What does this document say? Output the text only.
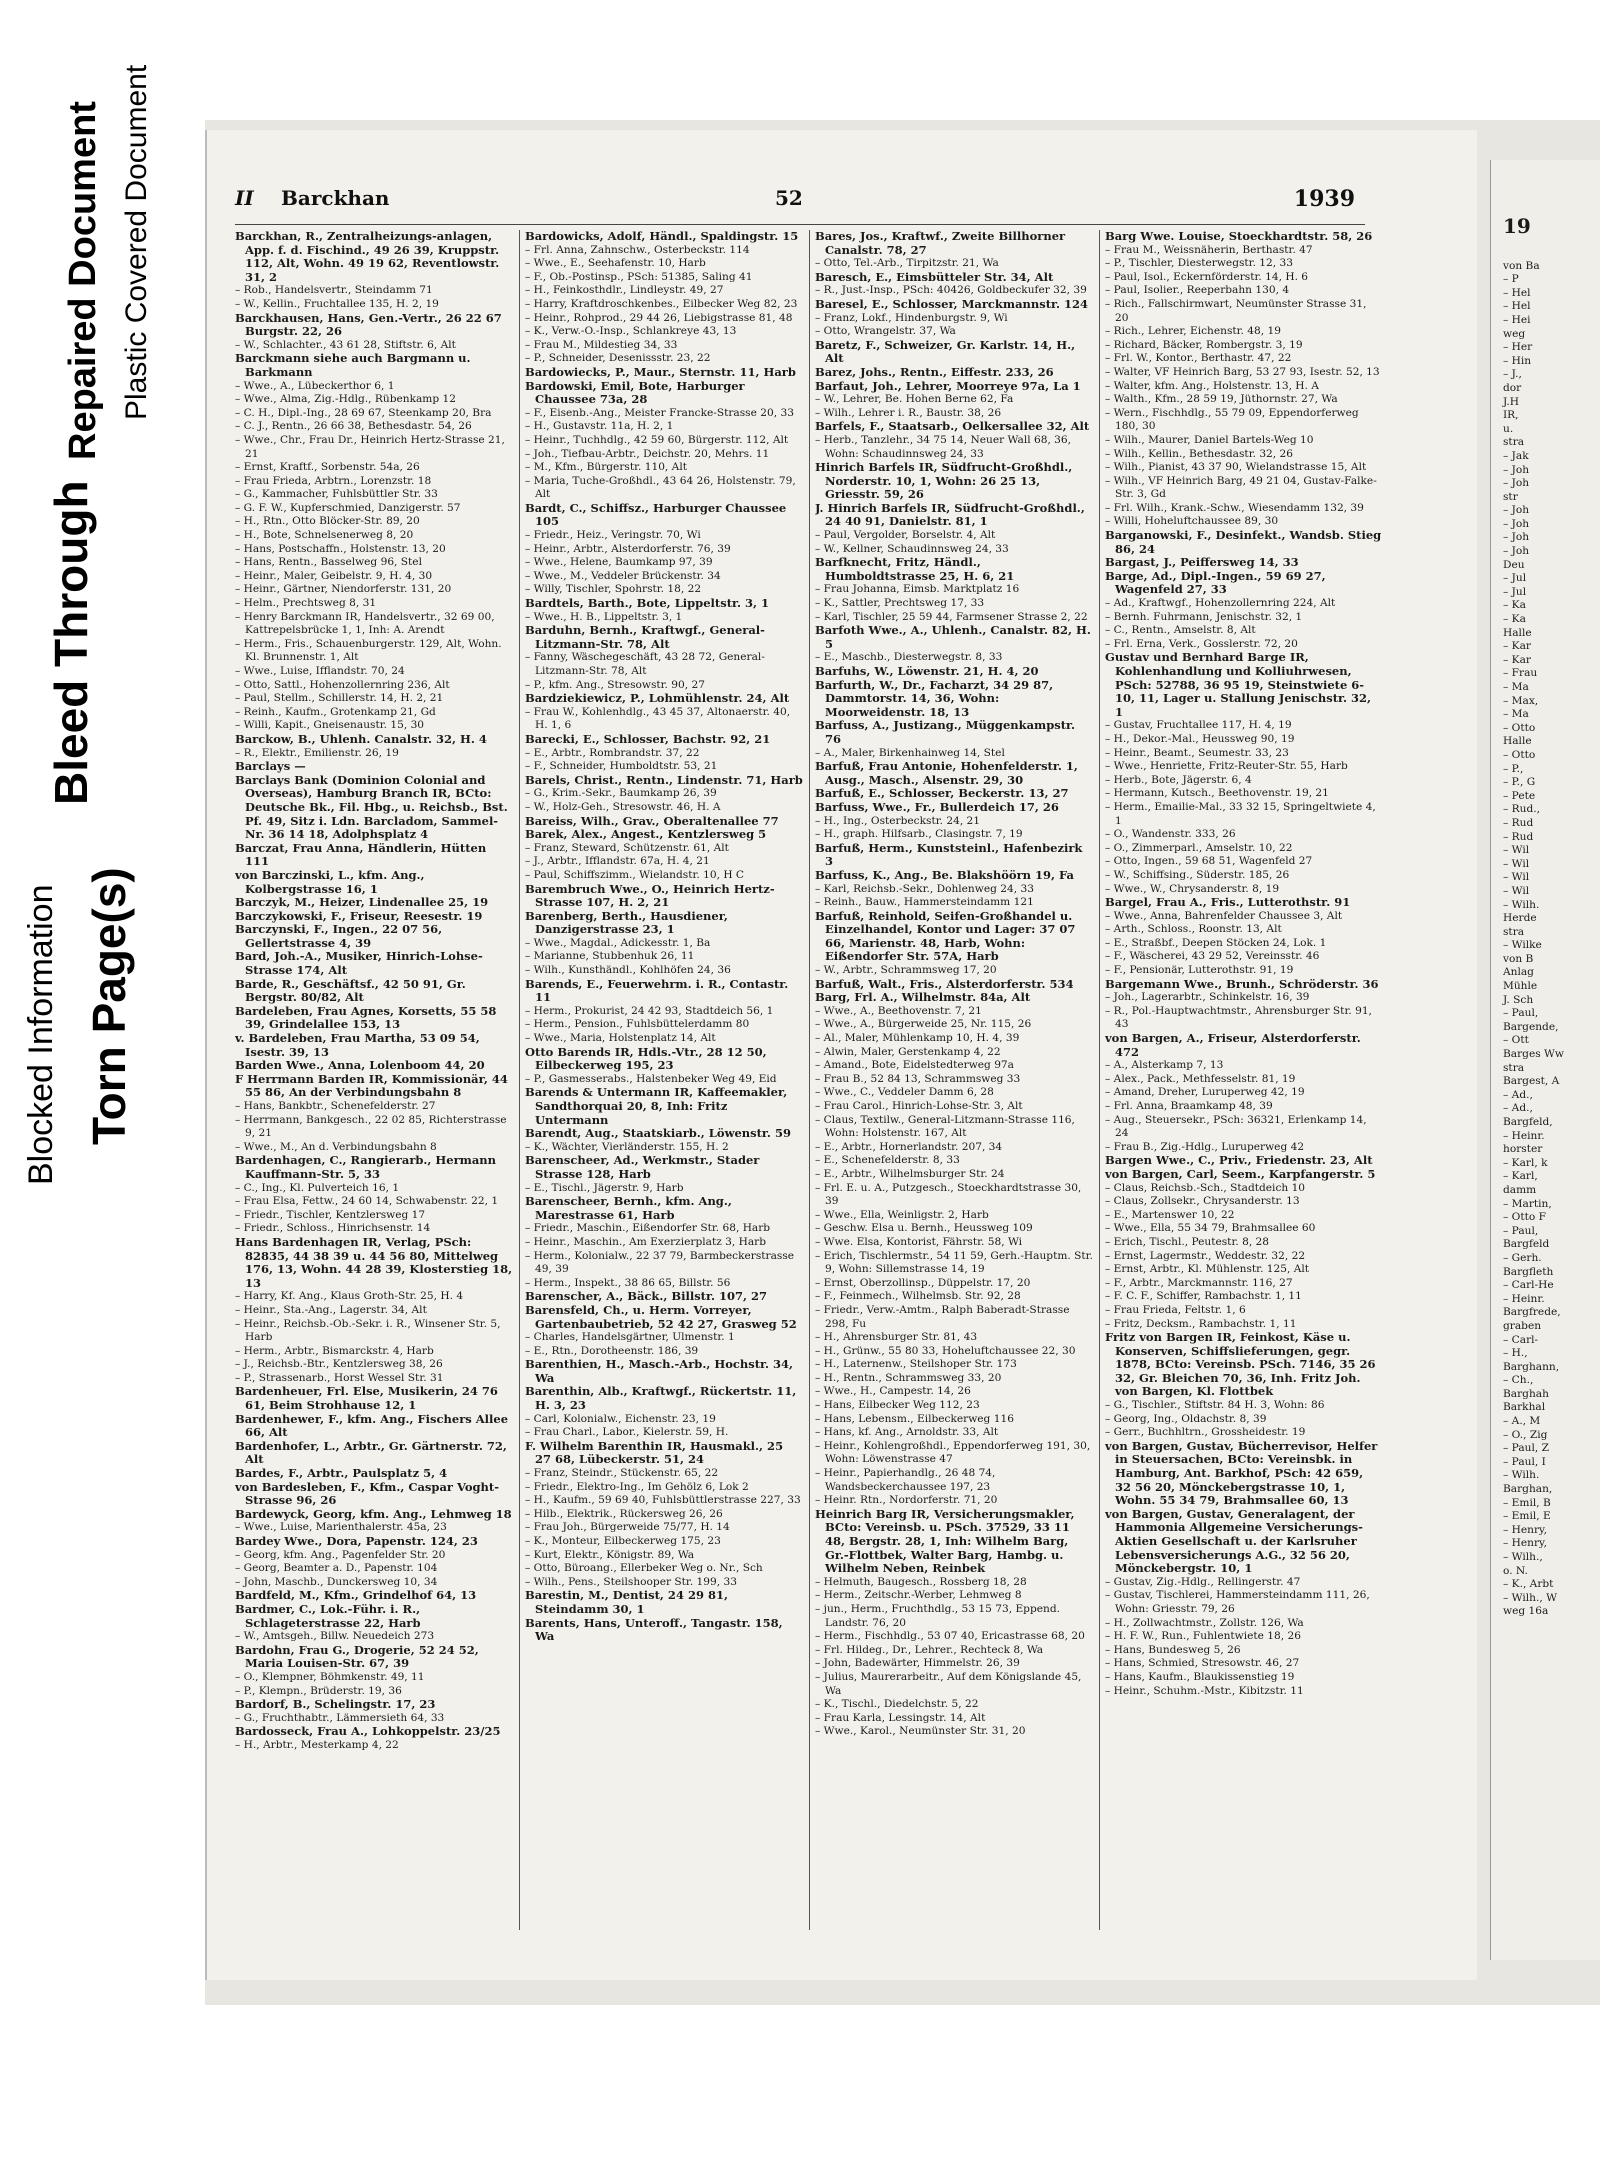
Blocked Information Torn Page(s)
Bleed Through
Repaired Document Plastic Covered Document	II Barckhan	52	1939

Barckhan, R., Zentralheizungs-anlagen, App. f. d. Fischind., 49 26 39, Kruppstr. 112, Alt, Wohn. 49 19 62, Reventlowstr. 31, 2

– Rob., Handelsvertr., Steindamm 71

– W., Kellin., Fruchtallee 135, H. 2, 19

Barckhausen, Hans, Gen.-Vertr., 26 22 67 Burgstr. 22, 26

– W., Schlachter., 43 61 28, Stiftstr. 6, Alt

Barckmann siehe auch Bargmann u. Barkmann

– Wwe., A., Lübeckerthor 6, 1

– Wwe., Alma, Zig.-Hdlg., Rübenkamp 12

– C. H., Dipl.-Ing., 28 69 67, Steenkamp 20, Bra

– C. J., Rentn., 26 66 38, Bethesdastr. 54, 26

– Wwe., Chr., Frau Dr., Heinrich Hertz-Strasse 21, 21

– Ernst, Kraftf., Sorbenstr. 54a, 26

– Frau Frieda, Arbtrn., Lorenzstr. 18

– G., Kammacher, Fuhlsbüttler Str. 33

– G. F. W., Kupferschmied, Danzigerstr. 57

– H., Rtn., Otto Blöcker-Str. 89, 20

– H., Bote, Schnelsenerweg 8, 20

– Hans, Postschaffn., Holstenstr. 13, 20

– Hans, Rentn., Basselweg 96, Stel

– Heinr., Maler, Geibelstr. 9, H. 4, 30

– Heinr., Gärtner, Niendorferstr. 131, 20

– Helm., Prechtsweg 8, 31

– Henry Barckmann IR, Handelsvertr., 32 69 00, Kattrepelsbrücke 1, 1, Inh: A. Arendt

– Herm., Fris., Schauenburgerstr. 129, Alt, Wohn. Kl. Brunnenstr. 1, Alt

– Wwe., Luise, Ifflandstr. 70, 24

– Otto, Sattl., Hohenzollernring 236, Alt

– Paul, Stellm., Schillerstr. 14, H. 2, 21

– Reinh., Kaufm., Grotenkamp 21, Gd

– Willi, Kapit., Gneisenaustr. 15, 30

Barckow, B., Uhlenh. Canalstr. 32, H. 4

– R., Elektr., Emilienstr. 26, 19

Barclays —

Barclays Bank (Dominion Colonial and Overseas), Hamburg Branch IR, BCto: Deutsche Bk., Fil. Hbg., u. Reichsb., Bst. Pf. 49, Sitz i. Ldn. Barcladom, Sammel-Nr. 36 14 18, Adolphsplatz 4

Barczat, Frau Anna, Händlerin, Hütten 111

von Barczinski, L., kfm. Ang., Kolbergstrasse 16, 1

Barczyk, M., Heizer, Lindenallee 25, 19

Barczykowski, F., Friseur, Reesestr. 19

Barczynski, F., Ingen., 22 07 56, Gellertstrasse 4, 39

Bard, Joh.-A., Musiker, Hinrich-Lohse-Strasse 174, Alt

Barde, R., Geschäftsf., 42 50 91, Gr. Bergstr. 80/82, Alt

Bardeleben, Frau Agnes, Korsetts, 55 58 39, Grindelallee 153, 13

v. Bardeleben, Frau Martha, 53 09 54, Isestr. 39, 13

Barden Wwe., Anna, Lolenboom 44, 20

F Herrmann Barden IR, Kommissionär, 44 55 86, An der Verbindungsbahn 8

– Hans, Bankbtr., Schenefelderstr. 27

– Herrmann, Bankgesch., 22 02 85, Richterstrasse 9, 21

– Wwe., M., An d. Verbindungsbahn 8

Bardenhagen, C., Rangierarb., Hermann Kauffmann-Str. 5, 33

– C., Ing., Kl. Pulverteich 16, 1

– Frau Elsa, Fettw., 24 60 14, Schwabenstr. 22, 1

– Friedr., Tischler, Kentzlersweg 17

– Friedr., Schloss., Hinrichsenstr. 14

Hans Bardenhagen IR, Verlag, PSch: 82835, 44 38 39 u. 44 56 80, Mittelweg 176, 13, Wohn. 44 28 39, Klosterstieg 18, 13

– Harry, Kf. Ang., Klaus Groth-Str. 25, H. 4

– Heinr., Sta.-Ang., Lagerstr. 34, Alt

– Heinr., Reichsb.-Ob.-Sekr. i. R., Winsener Str. 5, Harb

– Herm., Arbtr., Bismarckstr. 4, Harb

– J., Reichsb.-Btr., Kentzlersweg 38, 26

– P., Strassenarb., Horst Wessel Str. 31

Bardenheuer, Frl. Else, Musikerin, 24 76 61, Beim Strohhause 12, 1

Bardenhewer, F., kfm. Ang., Fischers Allee 66, Alt

Bardenhofer, L., Arbtr., Gr. Gärtnerstr. 72, Alt

Bardes, F., Arbtr., Paulsplatz 5, 4

von Bardesleben, F., Kfm., Caspar Voght-Strasse 96, 26

Bardewyck, Georg, kfm. Ang., Lehmweg 18

– Wwe., Luise, Marienthalerstr. 45a, 23

Bardey Wwe., Dora, Papenstr. 124, 23

– Georg, kfm. Ang., Pagenfelder Str. 20

– Georg, Beamter a. D., Papenstr. 104

– John, Maschb., Dunckersweg 10, 34

Bardfeld, M., Kfm., Grindelhof 64, 13

Bardmer, C., Lok.-Führ. i. R., Schlageterstrasse 22, Harb

– W., Amtsgeh., Billw. Neuedeich 273

Bardohn, Frau G., Drogerie, 52 24 52, Maria Louisen-Str. 67, 39

– O., Klempner, Böhmkenstr. 49, 11

– P., Klempn., Brüderstr. 19, 36

Bardorf, B., Schelingstr. 17, 23

– G., Fruchthabtr., Lämmersieth 64, 33

Bardosseck, Frau A., Lohkoppelstr. 23/25

– H., Arbtr., Mesterkamp 4, 22

Bardowicks, Adolf, Händl., Spaldingstr. 15

– Frl. Anna, Zahnschw., Osterbeckstr. 114

– Wwe., E., Seehafenstr. 10, Harb

– F., Ob.-Postinsp., PSch: 51385, Saling 41

– H., Feinkosthdlr., Lindleystr. 49, 27

– Harry, Kraftdroschkenbes., Eilbecker Weg 82, 23

– Heinr., Rohprod., 29 44 26, Liebigstrasse 81, 48

– K., Verw.-O.-Insp., Schlankreye 43, 13

– Frau M., Mildestieg 34, 33

– P., Schneider, Desenissstr. 23, 22

Bardowiecks, P., Maur., Sternstr. 11, Harb

Bardowski, Emil, Bote, Harburger Chaussee 73a, 28

– F., Eisenb.-Ang., Meister Francke-Strasse 20, 33

– H., Gustavstr. 11a, H. 2, 1

– Heinr., Tuchhdlg., 42 59 60, Bürgerstr. 112, Alt

– Joh., Tiefbau-Arbtr., Deichstr. 20, Mehrs. 11

– M., Kfm., Bürgerstr. 110, Alt

– Maria, Tuche-Großhdl., 43 64 26, Holstenstr. 79, Alt

Bardt, C., Schiffsz., Harburger Chaussee 105

– Friedr., Heiz., Veringstr. 70, Wi

– Heinr., Arbtr., Alsterdorferstr. 76, 39

– Wwe., Helene, Baumkamp 97, 39

– Wwe., M., Veddeler Brückenstr. 34

– Willy, Tischler, Spohrstr. 18, 22

Bardtels, Barth., Bote, Lippeltstr. 3, 1

– Wwe., H. B., Lippeltstr. 3, 1

Barduhn, Bernh., Kraftwgf., General-Litzmann-Str. 78, Alt

– Fanny, Wäschegeschäft, 43 28 72, General-Litzmann-Str. 78, Alt

– P., kfm. Ang., Stresowstr. 90, 27

Bardziekiewicz, P., Lohmühlenstr. 24, Alt

– Frau W., Kohlenhdlg., 43 45 37, Altonaerstr. 40, H. 1, 6

Barecki, E., Schlosser, Bachstr. 92, 21

– E., Arbtr., Rombrandstr. 37, 22

– F., Schneider, Humboldtstr. 53, 21

Barels, Christ., Rentn., Lindenstr. 71, Harb

– G., Krim.-Sekr., Baumkamp 26, 39

– W., Holz-Geh., Stresowstr. 46, H. A

Bareiss, Wilh., Grav., Oberaltenallee 77

Barek, Alex., Angest., Kentzlersweg 5

– Franz, Steward, Schützenstr. 61, Alt

– J., Arbtr., Ifflandstr. 67a, H. 4, 21

– Paul, Schiffszimm., Wielandstr. 10, H C

Barembruch Wwe., O., Heinrich Hertz-Strasse 107, H. 2, 21

Barenberg, Berth., Hausdiener, Danzigerstrasse 23, 1

– Wwe., Magdal., Adickesstr. 1, Ba

– Marianne, Stubbenhuk 26, 11

– Wilh., Kunsthändl., Kohlhöfen 24, 36

Barends, E., Feuerwehrm. i. R., Contastr. 11

– Herm., Prokurist, 24 42 93, Stadtdeich 56, 1

– Herm., Pension., Fuhlsbüttelerdamm 80

– Wwe., Maria, Holstenplatz 14, Alt

Otto Barends IR, Hdls.-Vtr., 28 12 50, Eilbeckerweg 195, 23

– P., Gasmesserabs., Halstenbeker Weg 49, Eid

Barends & Untermann IR, Kaffeemakler, Sandthorquai 20, 8, Inh: Fritz Untermann

Barendt, Aug., Staatskiarb., Löwenstr. 59

– K., Wächter, Vierländerstr. 155, H. 2

Barenscheer, Ad., Werkmstr., Stader Strasse 128, Harb

– E., Tischl., Jägerstr. 9, Harb

Barenscheer, Bernh., kfm. Ang., Marestrasse 61, Harb

– Friedr., Maschin., Eißendorfer Str. 68, Harb

– Heinr., Maschin., Am Exerzierplatz 3, Harb

– Herm., Kolonialw., 22 37 79, Barmbeckerstrasse 49, 39

– Herm., Inspekt., 38 86 65, Billstr. 56

Barenscher, A., Bäck., Billstr. 107, 27

Barensfeld, Ch., u. Herm. Vorreyer, Gartenbaubetrieb, 52 42 27, Grasweg 52

– Charles, Handelsgärtner, Ulmenstr. 1

– E., Rtn., Dorotheenstr. 186, 39

Barenthien, H., Masch.-Arb., Hochstr. 34, Wa

Barenthin, Alb., Kraftwgf., Rückertstr. 11, H. 3, 23

– Carl, Kolonialw., Eichenstr. 23, 19

– Frau Charl., Labor., Kielerstr. 59, H.

F. Wilhelm Barenthin IR, Hausmakl., 25 27 68, Lübeckerstr. 51, 24

– Franz, Steindr., Stückenstr. 65, 22

– Friedr., Elektro-Ing., Im Gehölz 6, Lok 2

– H., Kaufm., 59 69 40, Fuhlsbüttlerstrasse 227, 33

– Hilb., Elektrik., Rückersweg 26, 26

– Frau Joh., Bürgerweide 75/77, H. 14

– K., Monteur, Eilbeckerweg 175, 23

– Kurt, Elektr., Königstr. 89, Wa

– Otto, Büroang., Ellerbeker Weg o. Nr., Sch

– Wilh., Pens., Steilshooper Str. 199, 33

Barestin, M., Dentist, 24 29 81, Steindamm 30, 1

Barents, Hans, Unteroff., Tangastr. 158, Wa

Bares, Jos., Kraftwf., Zweite Billhorner Canalstr. 78, 27

– Otto, Tel.-Arb., Tirpitzstr. 21, Wa

Baresch, E., Eimsbütteler Str. 34, Alt

– R., Just.-Insp., PSch: 40426, Goldbeckufer 32, 39

Baresel, E., Schlosser, Marckmannstr. 124

– Franz, Lokf., Hindenburgstr. 9, Wi

– Otto, Wrangelstr. 37, Wa

Baretz, F., Schweizer, Gr. Karlstr. 14, H., Alt

Barez, Johs., Rentn., Eiffestr. 233, 26

Barfaut, Joh., Lehrer, Moorreye 97a, La 1

– W., Lehrer, Be. Hohen Berne 62, Fa

– Wilh., Lehrer i. R., Baustr. 38, 26

Barfels, F., Staatsarb., Oelkersallee 32, Alt

– Herb., Tanzlehr., 34 75 14, Neuer Wall 68, 36, Wohn: Schaudinnsweg 24, 33

Hinrich Barfels IR, Südfrucht-Großhdl., Norderstr. 10, 1, Wohn: 26 25 13, Griesstr. 59, 26

J. Hinrich Barfels IR, Südfrucht-Großhdl., 24 40 91, Danielstr. 81, 1

– Paul, Vergolder, Borselstr. 4, Alt

– W., Kellner, Schaudinnsweg 24, 33

Barfknecht, Fritz, Händl., Humboldtstrasse 25, H. 6, 21

– Frau Johanna, Eimsb. Marktplatz 16

– K., Sattler, Prechtsweg 17, 33

– Karl, Tischler, 25 59 44, Farmsener Strasse 2, 22

Barfoth Wwe., A., Uhlenh., Canalstr. 82, H. 5

– E., Maschb., Diesterwegstr. 8, 33

Barfuhs, W., Löwenstr. 21, H. 4, 20

Barfurth, W., Dr., Facharzt, 34 29 87, Dammtorstr. 14, 36, Wohn: Moorweidenstr. 18, 13

Barfuss, A., Justizang., Müggenkampstr. 76

– A., Maler, Birkenhainweg 14, Stel

Barfuß, Frau Antonie, Hohenfelderstr. 1, Ausg., Masch., Alsenstr. 29, 30

Barfuß, E., Schlosser, Beckerstr. 13, 27

Barfuss, Wwe., Fr., Bullerdeich 17, 26

– H., Ing., Osterbeckstr. 24, 21

– H., graph. Hilfsarb., Clasingstr. 7, 19

Barfuß, Herm., Kunststeinl., Hafenbezirk 3

Barfuss, K., Ang., Be. Blakshöörn 19, Fa

– Karl, Reichsb.-Sekr., Dohlenweg 24, 33

– Reinh., Bauw., Hammersteindamm 121

Barfuß, Reinhold, Seifen-Großhandel u. Einzelhandel, Kontor und Lager: 37 07 66, Marienstr. 48, Harb, Wohn: Eißendorfer Str. 57A, Harb

– W., Arbtr., Schrammsweg 17, 20

Barfuß, Walt., Fris., Alsterdorferstr. 534

Barg, Frl. A., Wilhelmstr. 84a, Alt

– Wwe., A., Beethovenstr. 7, 21

– Wwe., A., Bürgerweide 25, Nr. 115, 26

– Al., Maler, Mühlenkamp 10, H. 4, 39

– Alwin, Maler, Gerstenkamp 4, 22

– Amand., Bote, Eidelstedterweg 97a

– Frau B., 52 84 13, Schrammsweg 33

– Wwe., C., Veddeler Damm 6, 28

– Frau Carol., Hinrich-Lohse-Str. 3, Alt

– Claus, Textilw., General-Litzmann-Strasse 116, Wohn: Holstenstr. 167, Alt

– E., Arbtr., Hornerlandstr. 207, 34

– E., Schenefelderstr. 8, 33

– E., Arbtr., Wilhelmsburger Str. 24

– Frl. E. u. A., Putzgesch., Stoeckhardtstrasse 30, 39

– Wwe., Ella, Weinligstr. 2, Harb

– Geschw. Elsa u. Bernh., Heussweg 109

– Wwe. Elsa, Kontorist, Fährstr. 58, Wi

– Erich, Tischlermstr., 54 11 59, Gerh.-Hauptm. Str. 9, Wohn: Sillemstrasse 14, 19

– Ernst, Oberzollinsp., Düppelstr. 17, 20

– F., Feinmech., Wilhelmsb. Str. 92, 28

– Friedr., Verw.-Amtm., Ralph Baberadt-Strasse 298, Fu

– H., Ahrensburger Str. 81, 43

– H., Grünw., 55 80 33, Hoheluftchaussee 22, 30

– H., Laternenw., Steilshoper Str. 173

– H., Rentn., Schrammsweg 33, 20

– Wwe., H., Campestr. 14, 26

– Hans, Eilbecker Weg 112, 23

– Hans, Lebensm., Eilbeckerweg 116

– Hans, kf. Ang., Arnoldstr. 33, Alt

– Heinr., Kohlengroßhdl., Eppendorferweg 191, 30, Wohn: Löwenstrasse 47

– Heinr., Papierhandlg., 26 48 74, Wandsbeckerchaussee 197, 23

– Heinr. Rtn., Nordorferstr. 71, 20

Heinrich Barg IR, Versicherungsmakler, BCto: Vereinsb. u. PSch. 37529, 33 11 48, Bergstr. 28, 1, Inh: Wilhelm Barg, Gr.-Flottbek, Walter Barg, Hambg. u. Wilhelm Neben, Reinbek

– Helmuth, Baugesch., Rossberg 18, 28

– Herm., Zeitschr.-Werber, Lehmweg 8

– jun., Herm., Fruchthdlg., 53 15 73, Eppend. Landstr. 76, 20

– Herm., Fischhdlg., 53 07 40, Ericastrasse 68, 20

– Frl. Hildeg., Dr., Lehrer., Rechteck 8, Wa

– John, Badewärter, Himmelstr. 26, 39

– Julius, Maurerarbeitr., Auf dem Königslande 45, Wa

– K., Tischl., Diedelchstr. 5, 22

– Frau Karla, Lessingstr. 14, Alt

– Wwe., Karol., Neumünster Str. 31, 20

Barg Wwe. Louise, Stoeckhardtstr. 58, 26

– Frau M., Weissnäherin, Berthastr. 47

– P., Tischler, Diesterwegstr. 12, 33

– Paul, Isol., Eckernförderstr. 14, H. 6

– Paul, Isolier., Reeperbahn 130, 4

– Rich., Fallschirmwart, Neumünster Strasse 31, 20

– Rich., Lehrer, Eichenstr. 48, 19

– Richard, Bäcker, Rombergstr. 3, 19

– Frl. W., Kontor., Berthastr. 47, 22

– Walter, VF Heinrich Barg, 53 27 93, Isestr. 52, 13

– Walter, kfm. Ang., Holstenstr. 13, H. A

– Walth., Kfm., 28 59 19, Jüthornstr. 27, Wa

– Wern., Fischhdlg., 55 79 09, Eppendorferweg 180, 30

– Wilh., Maurer, Daniel Bartels-Weg 10

– Wilh., Kellin., Bethesdastr. 32, 26

– Wilh., Pianist, 43 37 90, Wielandstrasse 15, Alt

– Wilh., VF Heinrich Barg, 49 21 04, Gustav-Falke-Str. 3, Gd

– Frl. Wilh., Krank.-Schw., Wiesendamm 132, 39

– Willi, Hoheluftchaussee 89, 30

Barganowski, F., Desinfekt., Wandsb. Stieg 86, 24

Bargast, J., Peiffersweg 14, 33

Barge, Ad., Dipl.-Ingen., 59 69 27, Wagenfeld 27, 33

– Ad., Kraftwgf., Hohenzollernring 224, Alt

– Bernh. Fuhrmann, Jenischstr. 32, 1

– C., Rentn., Amselstr. 8, Alt

– Frl. Erna, Verk., Gosslerstr. 72, 20

Gustav und Bernhard Barge IR, Kohlenhandlung und Kolliuhrwesen, PSch: 52788, 36 95 19, Steinstwiete 6-10, 11, Lager u. Stallung Jenischstr. 32, 1

– Gustav, Fruchtallee 117, H. 4, 19

– H., Dekor.-Mal., Heussweg 90, 19

– Heinr., Beamt., Seumestr. 33, 23

– Wwe., Henriette, Fritz-Reuter-Str. 55, Harb

– Herb., Bote, Jägerstr. 6, 4

– Hermann, Kutsch., Beethovenstr. 19, 21

– Herm., Emailie-Mal., 33 32 15, Springeltwiete 4, 1

– O., Wandenstr. 333, 26

– O., Zimmerparl., Amselstr. 10, 22

– Otto, Ingen., 59 68 51, Wagenfeld 27

– W., Schiffsing., Süderstr. 185, 26

– Wwe., W., Chrysanderstr. 8, 19

Bargel, Frau A., Fris., Lutterothstr. 91

– Wwe., Anna, Bahrenfelder Chaussee 3, Alt

– Arth., Schloss., Roonstr. 13, Alt

– E., Straßbf., Deepen Stöcken 24, Lok. 1

– F., Wäscherei, 43 29 52, Vereinsstr. 46

– F., Pensionär, Lutterothstr. 91, 19

Bargemann Wwe., Brunh., Schröderstr. 36

– Joh., Lagerarbtr., Schinkelstr. 16, 39

– R., Pol.-Hauptwachtmstr., Ahrensburger Str. 91, 43

von Bargen, A., Friseur, Alsterdorferstr. 472

– A., Alsterkamp 7, 13

– Alex., Pack., Methfesselstr. 81, 19

– Amand, Dreher, Luruperweg 42, 19

– Frl. Anna, Braamkamp 48, 39

– Aug., Steuersekr., PSch: 36321, Erlenkamp 14, 24

– Frau B., Zig.-Hdlg., Luruperweg 42

Bargen Wwe., C., Priv., Friedenstr. 23, Alt

von Bargen, Carl, Seem., Karpfangerstr. 5

– Claus, Reichsb.-Sch., Stadtdeich 10

– Claus, Zollsekr., Chrysanderstr. 13

– E., Martenswег 10, 22

– Wwe., Ella, 55 34 79, Brahmsallee 60

– Erich, Tischl., Peutestr. 8, 28

– Ernst, Lagermstr., Weddestr. 32, 22

– Ernst, Arbtr., Kl. Mühlenstr. 125, Alt

– F., Arbtr., Marckmannstr. 116, 27

– F. C. F., Schiffer, Rambachstr. 1, 11

– Frau Frieda, Feltstr. 1, 6

– Fritz, Decksm., Rambachstr. 1, 11

Fritz von Bargen IR, Feinkost, Käse u. Konserven, Schiffslieferungen, gegr. 1878, BCto: Vereinsb. PSch. 7146, 35 26 32, Gr. Bleichen 70, 36, Inh. Fritz Joh. von Bargen, Kl. Flottbek

– G., Tischler., Stiftstr. 84 H. 3, Wohn: 86

– Georg, Ing., Oldachstr. 8, 39

– Gerr., Buchhltrn., Grossheidestr. 19

von Bargen, Gustav, Bücherrevisor, Helfer in Steuersachen, BCto: Vereinsbk. in Hamburg, Ant. Barkhof, PSch: 42 659, 32 56 20, Mönckebergstrasse 10, 1, Wohn. 55 34 79, Brahmsallee 60, 13

von Bargen, Gustav, Generalagent, der Hammonia Allgemeine Versicherungs-Aktien Gesellschaft u. der Karlsruher Lebensversicherungs A.G., 32 56 20, Mönckebergstr. 10, 1

– Gustav, Zig.-Hdlg., Rellingerstr. 47

– Gustav, Tischlerei, Hammersteindamm 111, 26, Wohn: Griesstr. 79, 26

– H., Zollwachtmstr., Zollstr. 126, Wa

– H. F. W., Run., Fuhlentwiete 18, 26

– Hans, Bundesweg 5, 26

– Hans, Schmied, Stresowstr. 46, 27

– Hans, Kaufm., Blaukissenstieg 19

– Heinr., Schuhm.-Mstr., Kibitzstr. 11

19
von Ba
– P
– Hel
– Hel
– Hei
weg
– Her
– Hin
– J.,
dor
J.H
IR,
u.
stra
– Jak
– Joh
– Joh
str
– Joh
– Joh
– Joh
– Joh
Deu
– Jul
– Jul
– Ka
– Ka
Halle
– Kar
– Kar
– Frau
– Ma
– Max,
– Ma
– Otto
Halle
– Otto
– P.,
– P., G
– Pete
– Rud.,
– Rud
– Rud
– Wil
– Wil
– Wil
– Wil
– Wilh.
Herde
stra
– Wilke
von B
Anlag
Mühle
J. Sch
– Paul,
Bargende,
– Ott
Barges Ww
stra
Bargest, A
– Ad.,
– Ad.,
Bargfeld,
– Heinr.
horster
– Karl, k
– Karl,
damm
– Martin,
– Otto F
– Paul,
Bargfeld
– Gerh.
Bargfleth
– Carl-He
– Heinr.
Bargfrede,
graben
– Carl-
– H.,
Barghann,
– Ch.,
Barghah
Barkhal
– A., M
– O., Zig
– Paul, Z
– Paul, I
– Wilh.
Barghan,
– Emil, B
– Emil, E
– Henry,
– Henry,
– Wilh.,
o. N.
– K., Arbt
– Wilh., W
weg 16a
